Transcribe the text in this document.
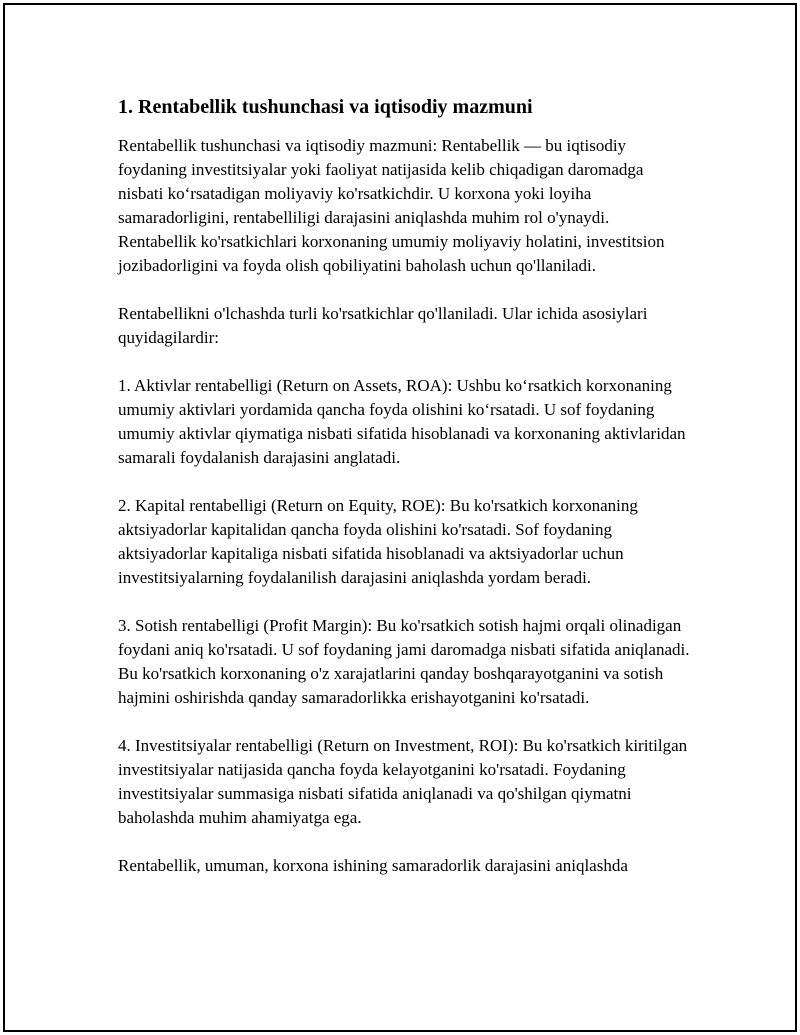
1. Rentabellik tushunchasi va iqtisodiy mazmuni

Rentabellik tushunchasi va iqtisodiy mazmuni: Rentabellik — bu iqtisodiy foydaning investitsiyalar yoki faoliyat natijasida kelib chiqadigan daromadga nisbati ko‘rsatadigan moliyaviy ko'rsatkichdir. U korxona yoki loyiha samaradorligini, rentabelliligi darajasini aniqlashda muhim rol o'ynaydi. Rentabellik ko'rsatkichlari korxonaning umumiy moliyaviy holatini, investitsion jozibadorligini va foyda olish qobiliyatini baholash uchun qo'llaniladi.

Rentabellikni o'lchashda turli ko'rsatkichlar qo'llaniladi. Ular ichida asosiylari quyidagilardir:

1. Aktivlar rentabelligi (Return on Assets, ROA): Ushbu ko‘rsatkich korxonaning umumiy aktivlari yordamida qancha foyda olishini ko‘rsatadi. U sof foydaning umumiy aktivlar qiymatiga nisbati sifatida hisoblanadi va korxonaning aktivlaridan samarali foydalanish darajasini anglatadi.

2. Kapital rentabelligi (Return on Equity, ROE): Bu ko'rsatkich korxonaning aktsiyadorlar kapitalidan qancha foyda olishini ko'rsatadi. Sof foydaning aktsiyadorlar kapitaliga nisbati sifatida hisoblanadi va aktsiyadorlar uchun investitsiyalarning foydalanilish darajasini aniqlashda yordam beradi.

3. Sotish rentabelligi (Profit Margin): Bu ko'rsatkich sotish hajmi orqali olinadigan foydani aniq ko'rsatadi. U sof foydaning jami daromadga nisbati sifatida aniqlanadi. Bu ko'rsatkich korxonaning o'z xarajatlarini qanday boshqarayotganini va sotish hajmini oshirishda qanday samaradorlikka erishayotganini ko'rsatadi.

4. Investitsiyalar rentabelligi (Return on Investment, ROI): Bu ko'rsatkich kiritilgan investitsiyalar natijasida qancha foyda kelayotganini ko'rsatadi. Foydaning investitsiyalar summasiga nisbati sifatida aniqlanadi va qo'shilgan qiymatni baholashda muhim ahamiyatga ega.

Rentabellik, umuman, korxona ishining samaradorlik darajasini aniqlashda
